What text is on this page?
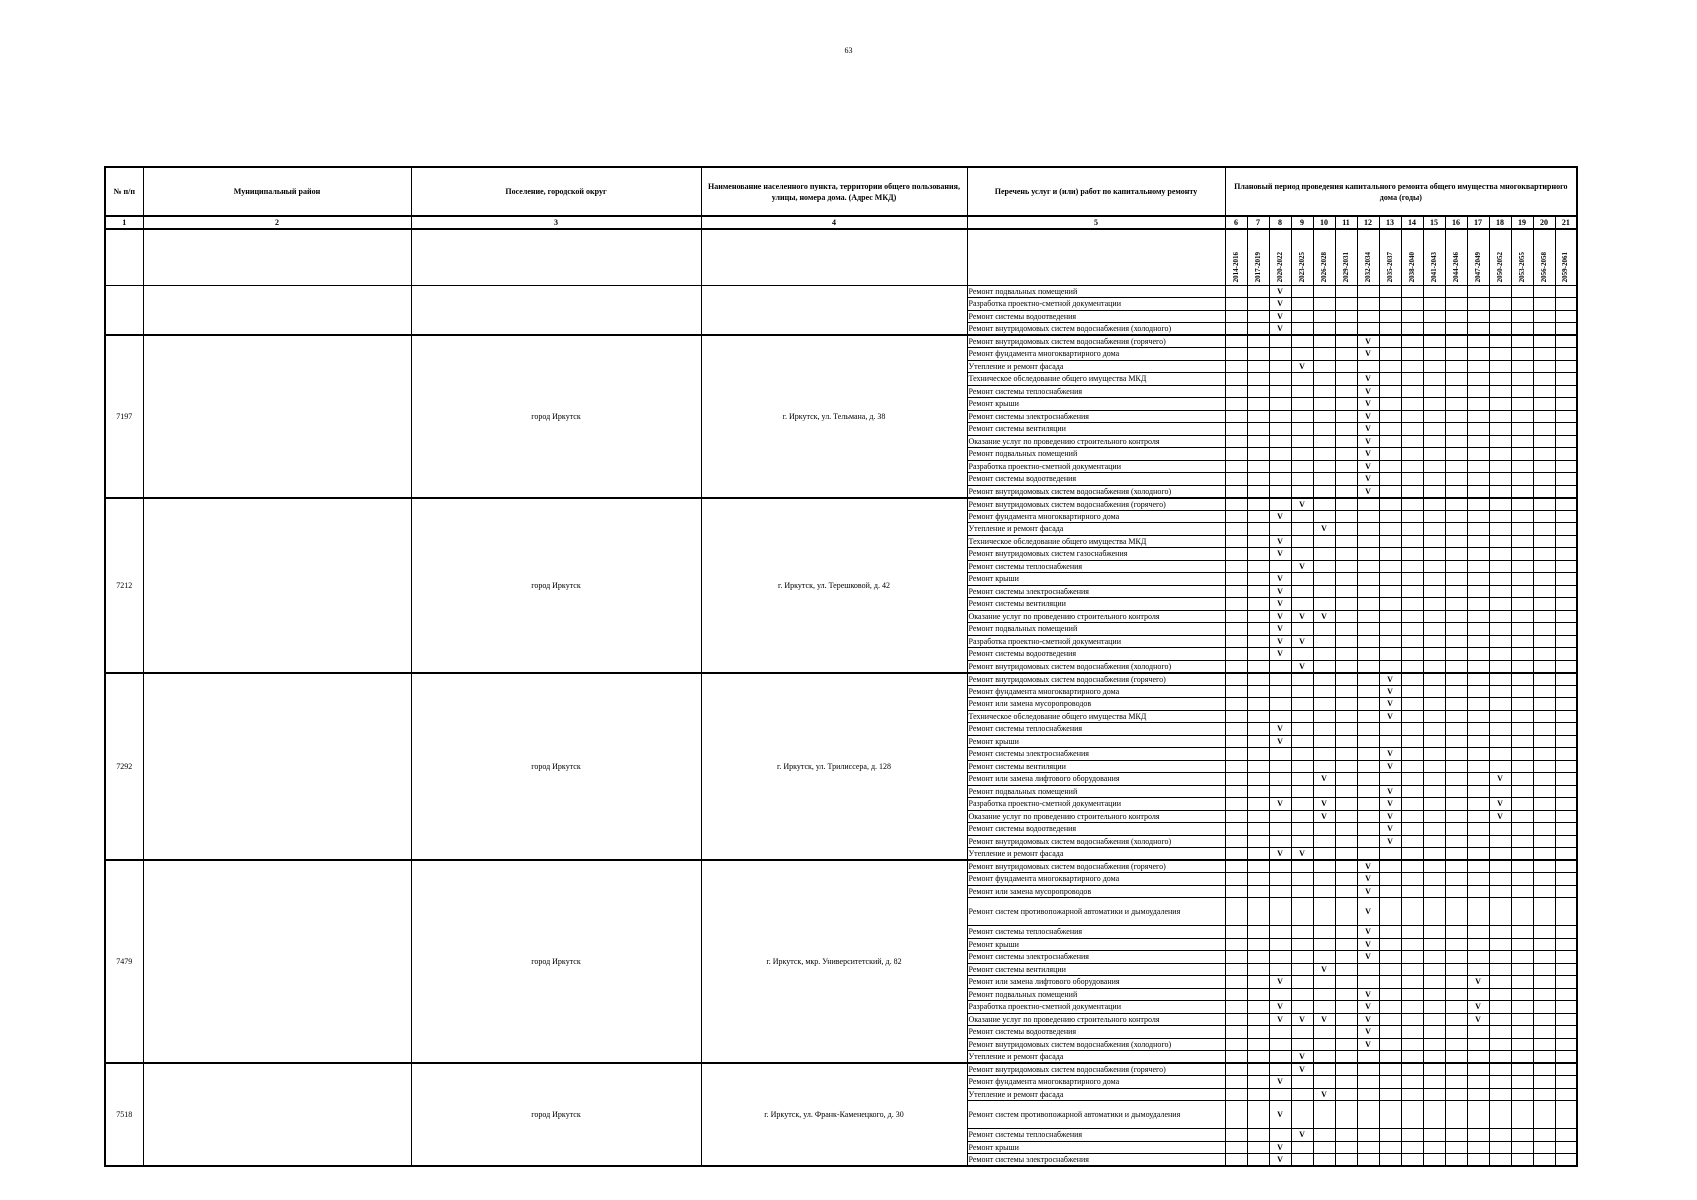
63
№ п/п	Муниципальный район	Поселение, городской округ	Наименование населенного пункта, территории общего пользования, улицы, номера дома. (Адрес МКД)	Перечень услуг и (или) работ по капитальному ремонту	Плановый период проведения капитального ремонта общего имущества многоквартирного дома (годы)															
1	2	3	4	5	6	7	8	9	10	11	12	13	14	15	16	17	18	19	20	21

					2014-2016	2017-2019	2020-2022	2023-2025	2026-2028	2029-2031	2032-2034	2035-2037	2038-2040	2041-2043	2044-2046	2047-2049	2050-2052	2053-2055	2056-2058	2059-2061

				Ремонт подвальных помещений			V													
				Разработка проектно-сметной документации			V													
				Ремонт системы водоотведения			V													
				Ремонт внутридомовых систем водоснабжения (холодного)			V													
7197		город Иркутск	г. Иркутск, ул. Тельмана, д. 38	Ремонт внутридомовых систем водоснабжения (горячего)							V									
				Ремонт фундамента многоквартирного дома							V									
				Утепление и ремонт фасада				V												
				Техническое обследование общего имущества МКД							V									
				Ремонт системы теплоснабжения							V									
				Ремонт крыши							V									
				Ремонт системы электроснабжения							V									
				Ремонт системы вентиляции							V									
				Оказание услуг по проведению строительного контроля							V									
				Ремонт подвальных помещений							V									
				Разработка проектно-сметной документации							V									
				Ремонт системы водоотведения							V									
				Ремонт внутридомовых систем водоснабжения (холодного)							V									
7212		город Иркутск	г. Иркутск, ул. Терешковой, д. 42	Ремонт внутридомовых систем водоснабжения (горячего)				V												
				Ремонт фундамента многоквартирного дома			V													
				Утепление и ремонт фасада					V											
				Техническое обследование общего имущества МКД			V													
				Ремонт внутридомовых систем газоснабжения			V													
				Ремонт системы теплоснабжения				V												
				Ремонт крыши			V													
				Ремонт системы электроснабжения			V													
				Ремонт системы вентиляции			V													
				Оказание услуг по проведению строительного контроля			V	V	V											
				Ремонт подвальных помещений			V													
				Разработка проектно-сметной документации			V	V												
				Ремонт системы водоотведения			V													
				Ремонт внутридомовых систем водоснабжения (холодного)				V												
7292		город Иркутск	г. Иркутск, ул. Трилиссера, д. 128	Ремонт внутридомовых систем водоснабжения (горячего)								V								
				Ремонт фундамента многоквартирного дома								V								
				Ремонт или замена мусоропроводов								V								
				Техническое обследование общего имущества МКД								V								
				Ремонт системы теплоснабжения			V													
				Ремонт крыши			V													
				Ремонт системы электроснабжения								V								
				Ремонт системы вентиляции								V								
				Ремонт или замена лифтового оборудования					V								V			
				Ремонт подвальных помещений								V								
				Разработка проектно-сметной документации			V		V			V					V			
				Оказание услуг по проведению строительного контроля					V			V					V			
				Ремонт системы водоотведения								V								
				Ремонт внутридомовых систем водоснабжения (холодного)								V								
				Утепление и ремонт фасада			V	V												
7479		город Иркутск	г. Иркутск, мкр. Университетский, д. 82	Ремонт внутридомовых систем водоснабжения (горячего)							V									
				Ремонт фундамента многоквартирного дома							V									
				Ремонт или замена мусоропроводов							V									
				Ремонт систем противопожарной автоматики и дымоудаления							V									
				Ремонт системы теплоснабжения							V									
				Ремонт крыши							V									
				Ремонт системы электроснабжения							V									
				Ремонт системы вентиляции					V											
				Ремонт или замена лифтового оборудования			V									V				
				Ремонт подвальных помещений							V									
				Разработка проектно-сметной документации			V				V					V				
				Оказание услуг по проведению строительного контроля			V	V	V		V					V				
				Ремонт системы водоотведения							V									
				Ремонт внутридомовых систем водоснабжения (холодного)							V									
				Утепление и ремонт фасада				V												
7518		город Иркутск	г. Иркутск, ул. Франк-Каменецкого, д. 30	Ремонт внутридомовых систем водоснабжения (горячего)				V												
				Ремонт фундамента многоквартирного дома			V													
				Утепление и ремонт фасада					V											
				Ремонт систем противопожарной автоматики и дымоудаления			V													
				Ремонт системы теплоснабжения				V												
				Ремонт крыши			V													
				Ремонт системы электроснабжения			V													
